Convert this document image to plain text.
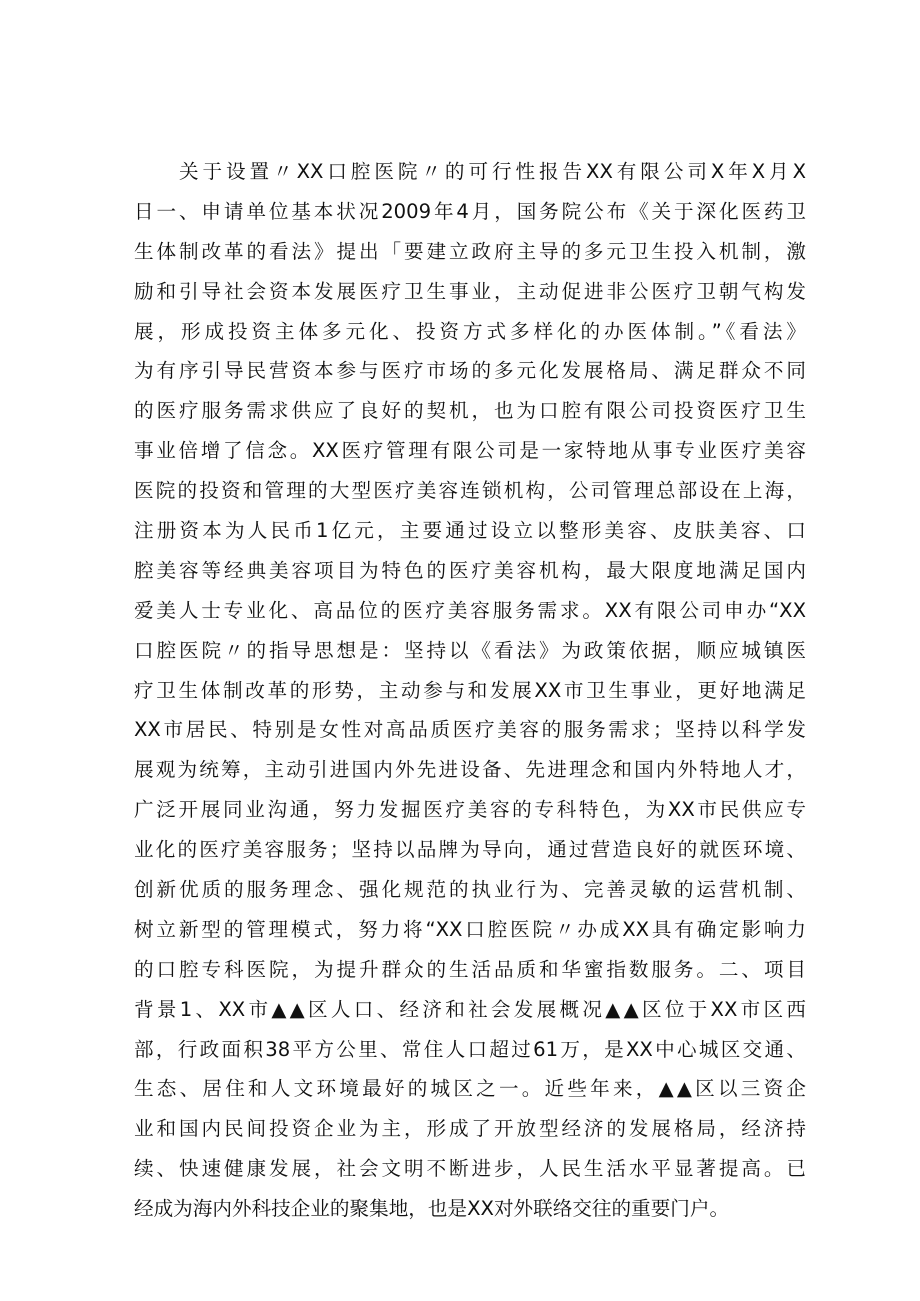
关于设置〃XX口腔医院〃的可行性报告XX有限公司X年X月X
日一、申请单位基本状况2009年4月，国务院公布《关于深化医药卫
生体制改革的看法》提出「要建立政府主导的多元卫生投入机制，激
励和引导社会资本发展医疗卫生事业，主动促进非公医疗卫朝气构发
展，形成投资主体多元化、投资方式多样化的办医体制。”《看法》
为有序引导民营资本参与医疗市场的多元化发展格局、满足群众不同
的医疗服务需求供应了良好的契机，也为口腔有限公司投资医疗卫生
事业倍增了信念。XX医疗管理有限公司是一家特地从事专业医疗美容
医院的投资和管理的大型医疗美容连锁机构，公司管理总部设在上海，
注册资本为人民币1亿元，主要通过设立以整形美容、皮肤美容、口
腔美容等经典美容项目为特色的医疗美容机构，最大限度地满足国内
爱美人士专业化、高品位的医疗美容服务需求。XX有限公司申办“XX
口腔医院〃的指导思想是：坚持以《看法》为政策依据，顺应城镇医
疗卫生体制改革的形势，主动参与和发展XX市卫生事业，更好地满足
XX市居民、特别是女性对高品质医疗美容的服务需求；坚持以科学发
展观为统筹，主动引进国内外先进设备、先进理念和国内外特地人才，
广泛开展同业沟通，努力发掘医疗美容的专科特色，为XX市民供应专
业化的医疗美容服务；坚持以品牌为导向，通过营造良好的就医环境、
创新优质的服务理念、强化规范的执业行为、完善灵敏的运营机制、
树立新型的管理模式，努力将“XX口腔医院〃办成XX具有确定影响力
的口腔专科医院，为提升群众的生活品质和华蜜指数服务。二、项目
背景1、XX市▲▲区人口、经济和社会发展概况▲▲区位于XX市区西
部，行政面积38平方公里、常住人口超过61万，是XX中心城区交通、
生态、居住和人文环境最好的城区之一。近些年来，▲▲区以三资企
业和国内民间投资企业为主，形成了开放型经济的发展格局，经济持
续、快速健康发展，社会文明不断进步，人民生活水平显著提高。已
经成为海内外科技企业的聚集地，也是XX对外联络交往的重要门户。
